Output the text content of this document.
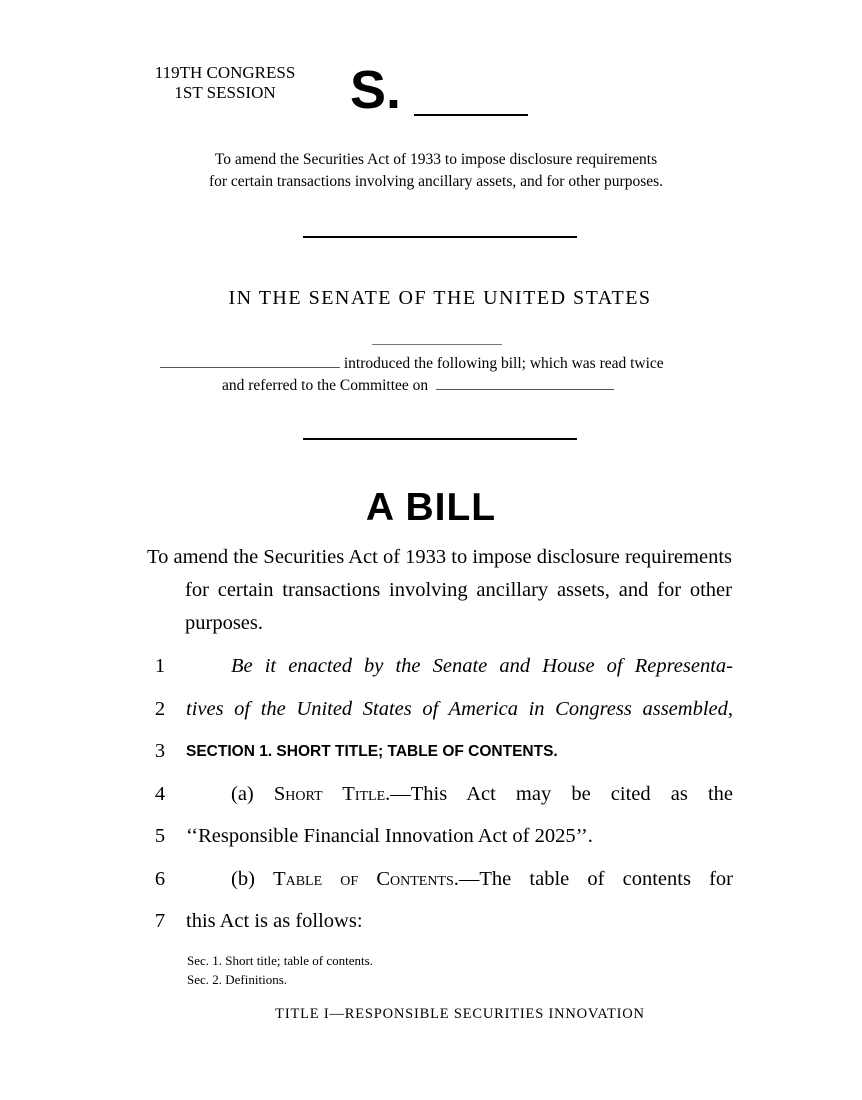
119TH CONGRESS
1ST SESSION	S.
To amend the Securities Act of 1933 to impose disclosure requirements
for certain transactions involving ancillary assets, and for other purposes.
IN THE SENATE OF THE UNITED STATES
introduced the following bill; which was read twice
and referred to the Committee on
A BILL
To amend the Securities Act of 1933 to impose disclosure requirements for certain transactions involving ancillary assets, and for other purposes.
1	Be it enacted by the Senate and House of Representa-
2 tives of the United States of America in Congress assembled,
3	SECTION 1. SHORT TITLE; TABLE OF CONTENTS.
4	(a) Short Title.—This Act may be cited as the
5 ‘‘Responsible Financial Innovation Act of 2025’’.
6	(b) Table of Contents.—The table of contents for
7 this Act is as follows:
Sec. 1. Short title; table of contents.
Sec. 2. Definitions.
TITLE I—RESPONSIBLE SECURITIES INNOVATION
